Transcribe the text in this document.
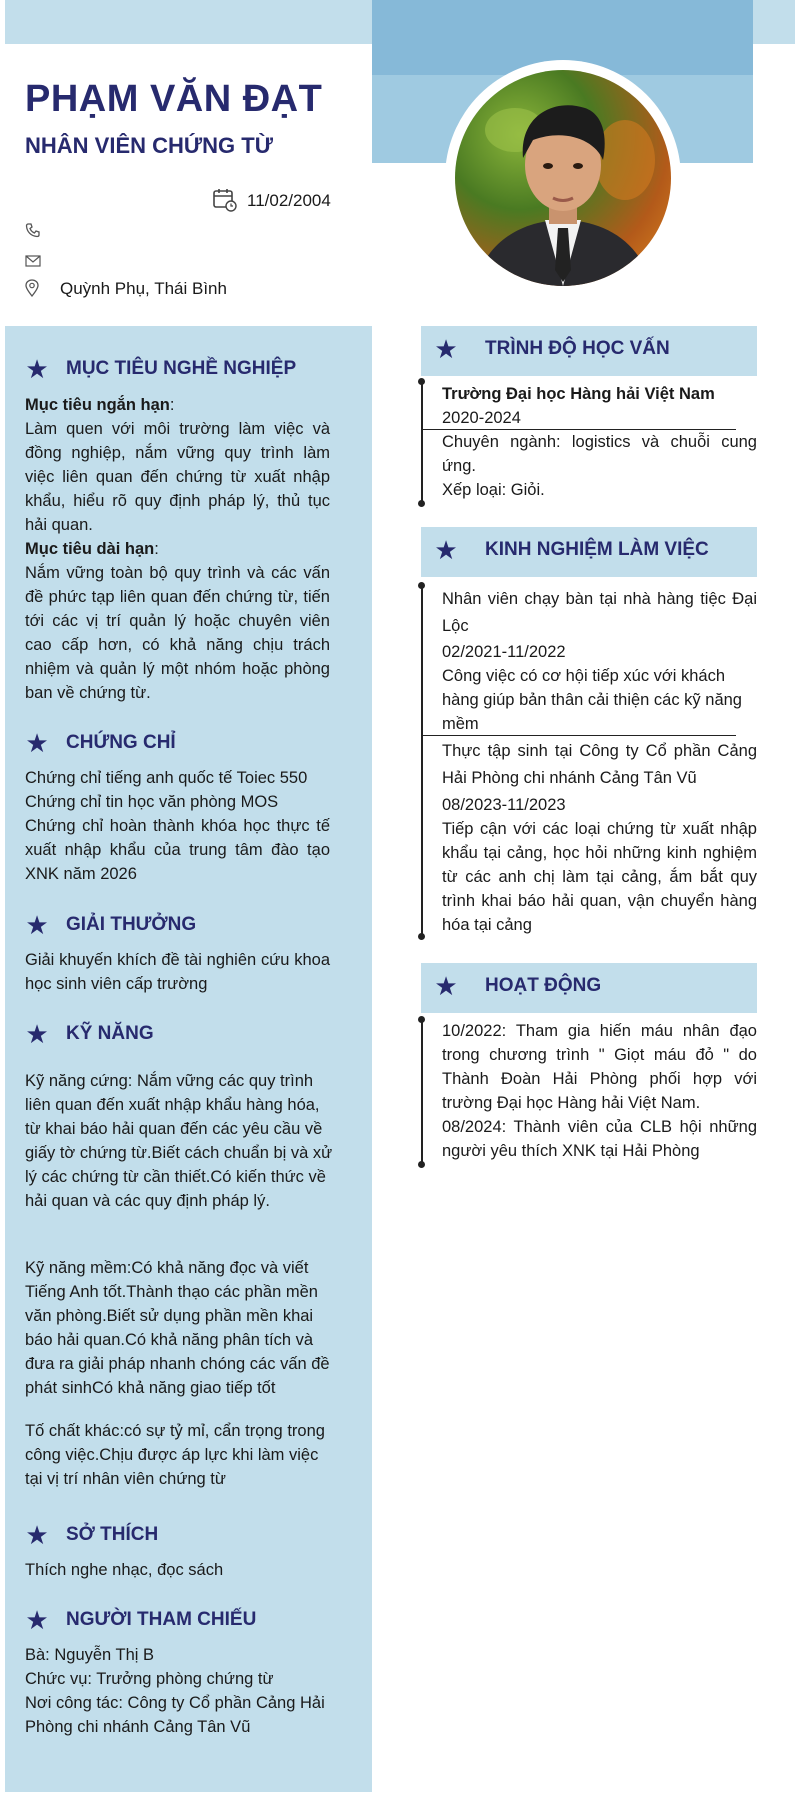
PHẠM VĂN ĐẠT
NHÂN VIÊN CHỨNG TỪ
11/02/2004
Quỳnh Phụ, Thái Bình
★ MỤC TIÊU NGHỀ NGHIỆP

Mục tiêu ngắn hạn:

Làm quen với môi trường làm việc và đồng nghiệp, nắm vững quy trình làm việc liên quan đến chứng từ xuất nhập khẩu, hiểu rõ quy định pháp lý, thủ tục hải quan.

Mục tiêu dài hạn:

Nắm vững toàn bộ quy trình và các vấn đề phức tạp liên quan đến chứng từ, tiến tới các vị trí quản lý hoặc chuyên viên cao cấp hơn, có khả năng chịu trách nhiệm và quản lý một nhóm hoặc phòng ban về chứng từ.

★ CHỨNG CHỈ

Chứng chỉ tiếng anh quốc tế Toiec 550

Chứng chỉ tin học văn phòng MOS

Chứng chỉ hoàn thành khóa học thực tế xuất nhập khẩu của trung tâm đào tạo XNK năm 2026

★ GIẢI THƯỞNG
Giải khuyến khích đề tài nghiên cứu khoa học sinh viên cấp trường
★ KỸ NĂNG
Kỹ năng cứng: Nắm vững các quy trình liên quan đến xuất nhập khẩu hàng hóa, từ khai báo hải quan đến các yêu cầu về giấy tờ chứng từ.Biết cách chuẩn bị và xử lý các chứng từ cần thiết.Có kiến thức về hải quan và các quy định pháp lý.
Kỹ năng mềm:Có khả năng đọc và viết Tiếng Anh tốt.Thành thạo các phần mền văn phòng.Biết sử dụng phần mền khai báo hải quan.Có khả năng phân tích và đưa ra giải pháp nhanh chóng các vấn đề phát sinhCó khả năng giao tiếp tốt
Tố chất khác:có sự tỷ mỉ, cẩn trọng trong công việc.Chịu được áp lực khi làm việc tại vị trí nhân viên chứng từ
★ SỞ THÍCH
Thích nghe nhạc, đọc sách
★ NGƯỜI THAM CHIẾU

Bà: Nguyễn Thị B

Chức vụ: Trưởng phòng chứng từ

Nơi công tác: Công ty Cổ phần Cảng Hải Phòng chi nhánh Cảng Tân Vũ

★ TRÌNH ĐỘ HỌC VẤN
Trường Đại học Hàng hải Việt Nam
2020-2024
Chuyên ngành: logistics và chuỗi cung ứng.
Xếp loại: Giỏi.
★ KINH NGHIỆM LÀM VIỆC
Nhân viên chạy bàn tại nhà hàng tiệc Đại Lộc
02/2021-11/2022
Công việc có cơ hội tiếp xúc với khách hàng giúp bản thân cải thiện các kỹ năng mềm
Thực tập sinh tại Công ty Cổ phần Cảng Hải Phòng chi nhánh Cảng Tân Vũ
08/2023-11/2023
Tiếp cận với các loại chứng từ xuất nhập khẩu tại cảng, học hỏi những kinh nghiệm từ các anh chị làm tại cảng, ắm bắt quy trình khai báo hải quan, vận chuyển hàng hóa tại cảng
★ HOẠT ĐỘNG

10/2022: Tham gia hiến máu nhân đạo trong chương trình " Giọt máu đỏ " do Thành Đoàn Hải Phòng phối hợp với trường Đại học Hàng hải Việt Nam.

08/2024: Thành viên của CLB hội những người yêu thích XNK tại Hải Phòng
